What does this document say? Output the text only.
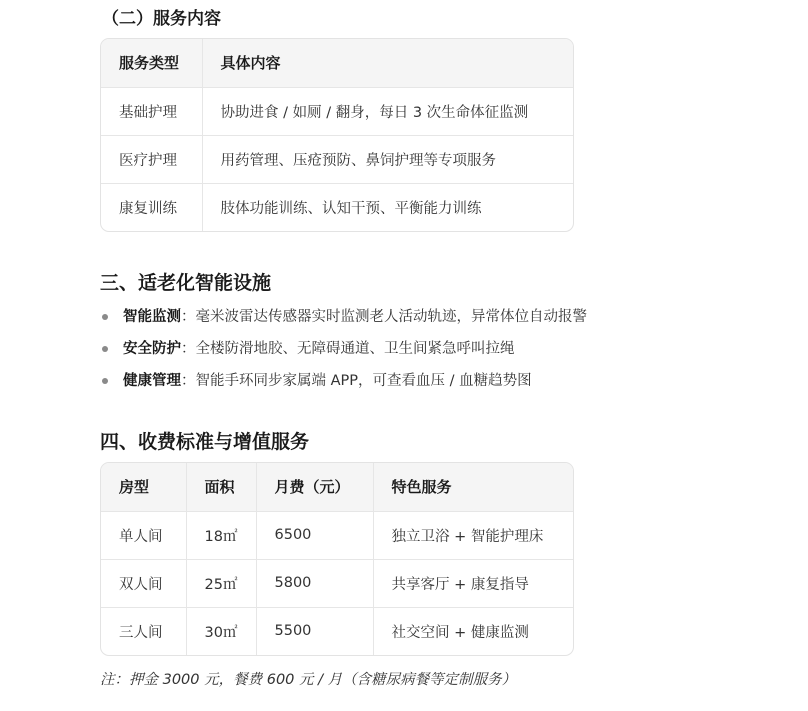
（二）服务内容
服务类型	具体内容
基础护理	协助进食 / 如厕 / 翻身，每日 3 次生命体征监测
医疗护理	用药管理、压疮预防、鼻饲护理等专项服务
康复训练	肢体功能训练、认知干预、平衡能力训练
三、适老化智能设施
智能监测：毫米波雷达传感器实时监测老人活动轨迹，异常体位自动报警
安全防护：全楼防滑地胶、无障碍通道、卫生间紧急呼叫拉绳
健康管理：智能手环同步家属端 APP，可查看血压 / 血糖趋势图
四、收费标准与增值服务
房型	面积	月费（元）	特色服务
单人间	18㎡	6500	独立卫浴 + 智能护理床
双人间	25㎡	5800	共享客厅 + 康复指导
三人间	30㎡	5500	社交空间 + 健康监测
注：押金 3000 元，餐费 600 元 / 月（含糖尿病餐等定制服务）
